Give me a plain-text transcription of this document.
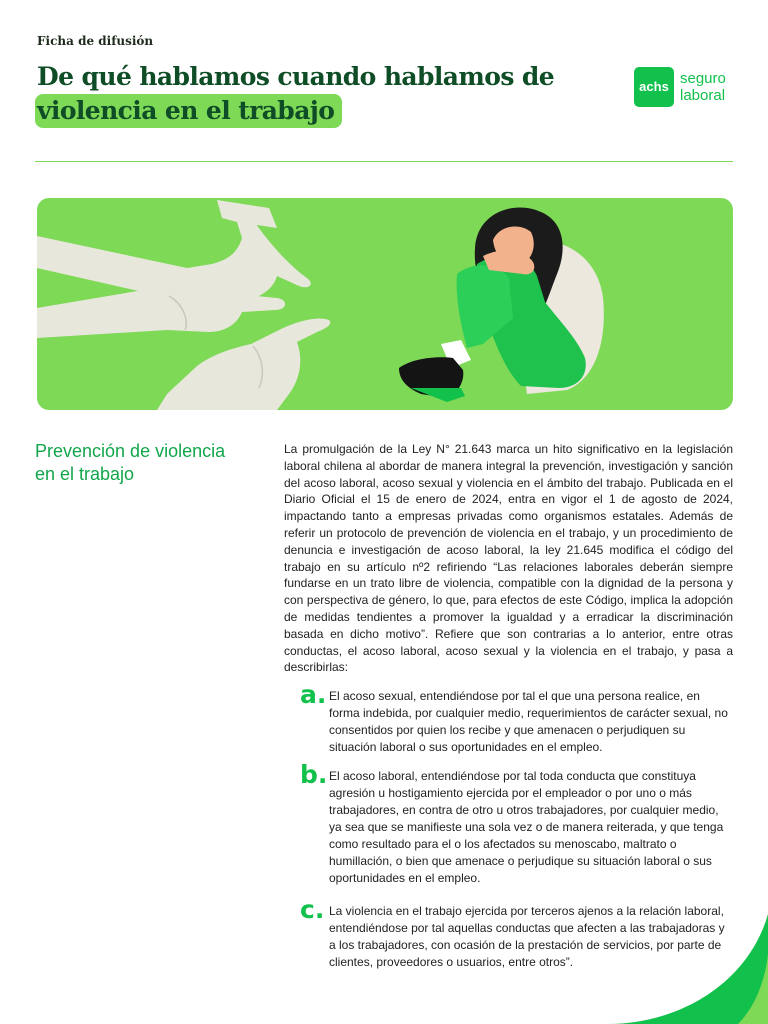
Ficha de difusión
De qué hablamos cuando hablamos de
violencia en el trabajo
achs seguro
laboral
Prevención de violencia en el trabajo

La promulgación de la Ley N° 21.643 marca un hito significativo en la legislación laboral chilena al abordar de manera integral la prevención, investigación y sanción del acoso laboral, acoso sexual y violencia en el ámbito del trabajo. Publicada en el Diario Oficial el 15 de enero de 2024, entra en vigor el 1 de agosto de 2024, impactando tanto a empresas privadas como organismos estatales. Además de referir un protocolo de prevención de violencia en el trabajo, y un procedimiento de denuncia e investigación de acoso laboral, la ley 21.645 modifica el código del trabajo en su artículo nº2 refiriendo “Las relaciones laborales deberán siempre fundarse en un trato libre de violencia, compatible con la dignidad de la persona y con perspectiva de género, lo que, para efectos de este Código, implica la adopción de medidas tendientes a promover la igualdad y a erradicar la discriminación basada en dicho motivo”. Refiere que son contrarias a lo anterior, entre otras conductas, el acoso laboral, acoso sexual y la violencia en el trabajo, y pasa a describirlas:

a. El acoso sexual, entendiéndose por tal el que una persona realice, en forma indebida, por cualquier medio, requerimientos de carácter sexual, no consentidos por quien los recibe y que amenacen o perjudiquen su situación laboral o sus oportunidades en el empleo.
b. El acoso laboral, entendiéndose por tal toda conducta que constituya agresión u hostigamiento ejercida por el empleador o por uno o más trabajadores, en contra de otro u otros trabajadores, por cualquier medio, ya sea que se manifieste una sola vez o de manera reiterada, y que tenga como resultado para el o los afectados su menoscabo, maltrato o humillación, o bien que amenace o perjudique su situación laboral o sus oportunidades en el empleo.
c. La violencia en el trabajo ejercida por terceros ajenos a la relación laboral, entendiéndose por tal aquellas conductas que afecten a las trabajadoras y a los trabajadores, con ocasión de la prestación de servicios, por parte de clientes, proveedores o usuarios, entre otros”.
